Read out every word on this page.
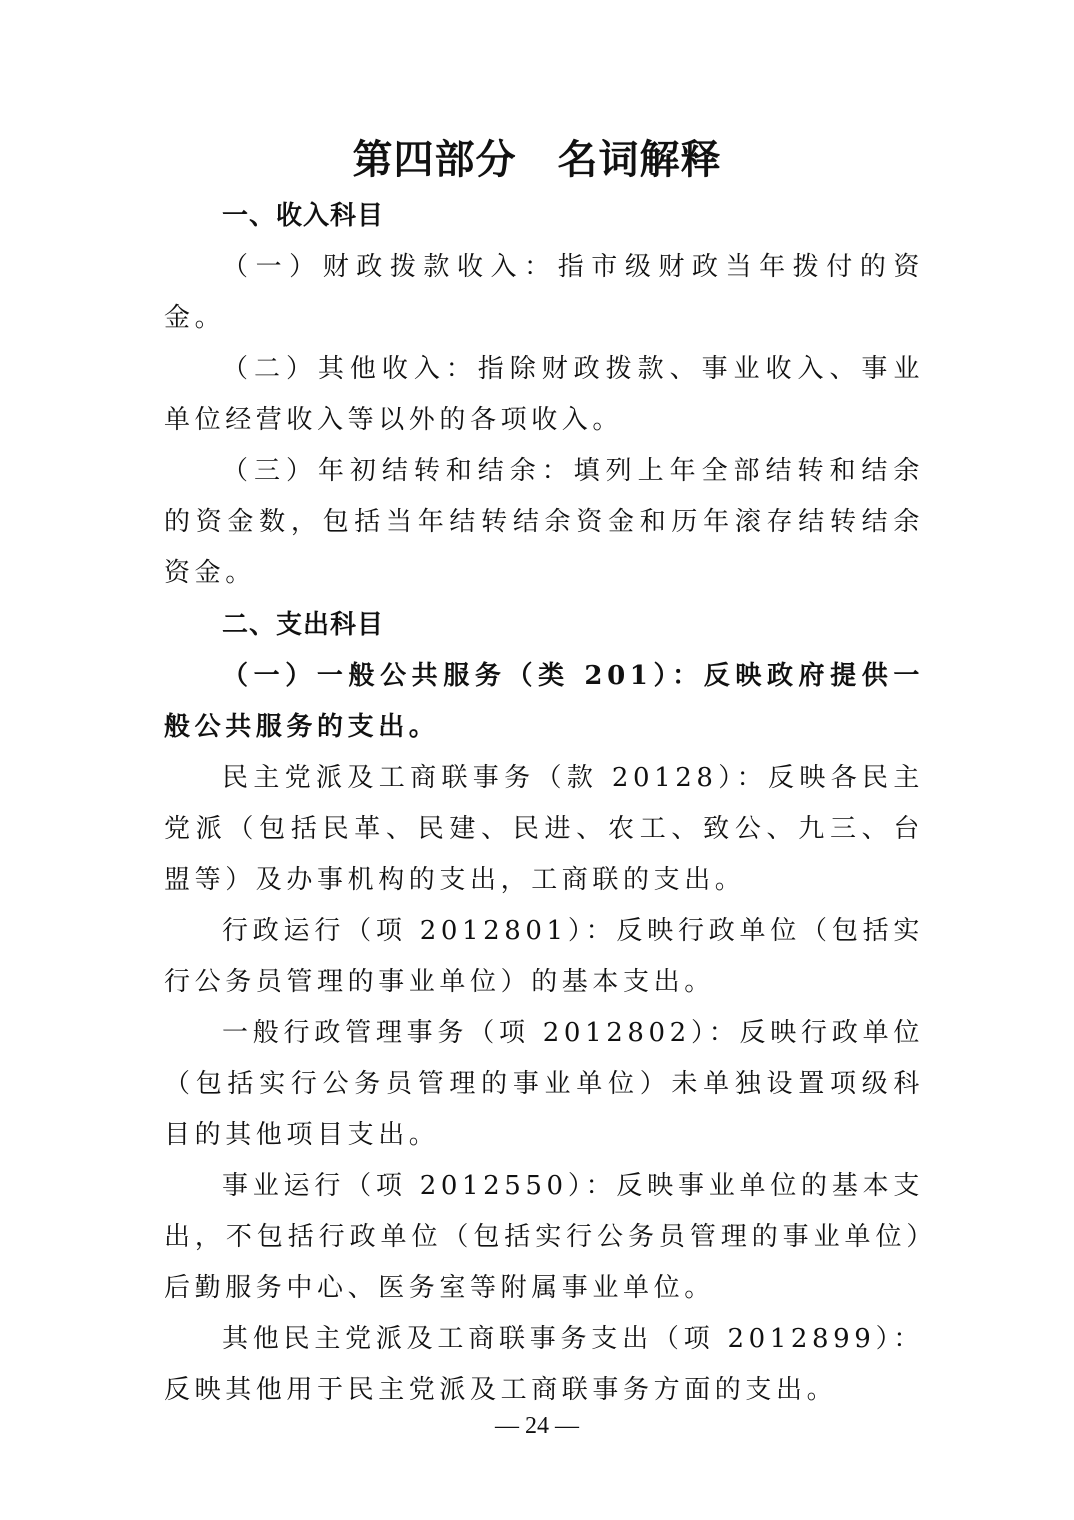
第四部分　名词解释
一、收入科目

（一）财政拨款收入：指市级财政当年拨付的资金。

（二）其他收入：指除财政拨款、事业收入、事业单位经营收入等以外的各项收入。

（三）年初结转和结余：填列上年全部结转和结余的资金数，包括当年结转结余资金和历年滚存结转结余资金。

二、支出科目

（一）一般公共服务（类 201）：反映政府提供一般公共服务的支出。

民主党派及工商联事务（款 20128）：反映各民主党派（包括民革、民建、民进、农工、致公、九三、台盟等）及办事机构的支出，工商联的支出。

行政运行（项 2012801）：反映行政单位（包括实行公务员管理的事业单位）的基本支出。

一般行政管理事务（项 2012802）：反映行政单位（包括实行公务员管理的事业单位）未单独设置项级科目的其他项目支出。

事业运行（项 2012550）：反映事业单位的基本支出，不包括行政单位（包括实行公务员管理的事业单位）后勤服务中心、医务室等附属事业单位。

其他民主党派及工商联事务支出（项 2012899）：反映其他用于民主党派及工商联事务方面的支出。

— 24 —
